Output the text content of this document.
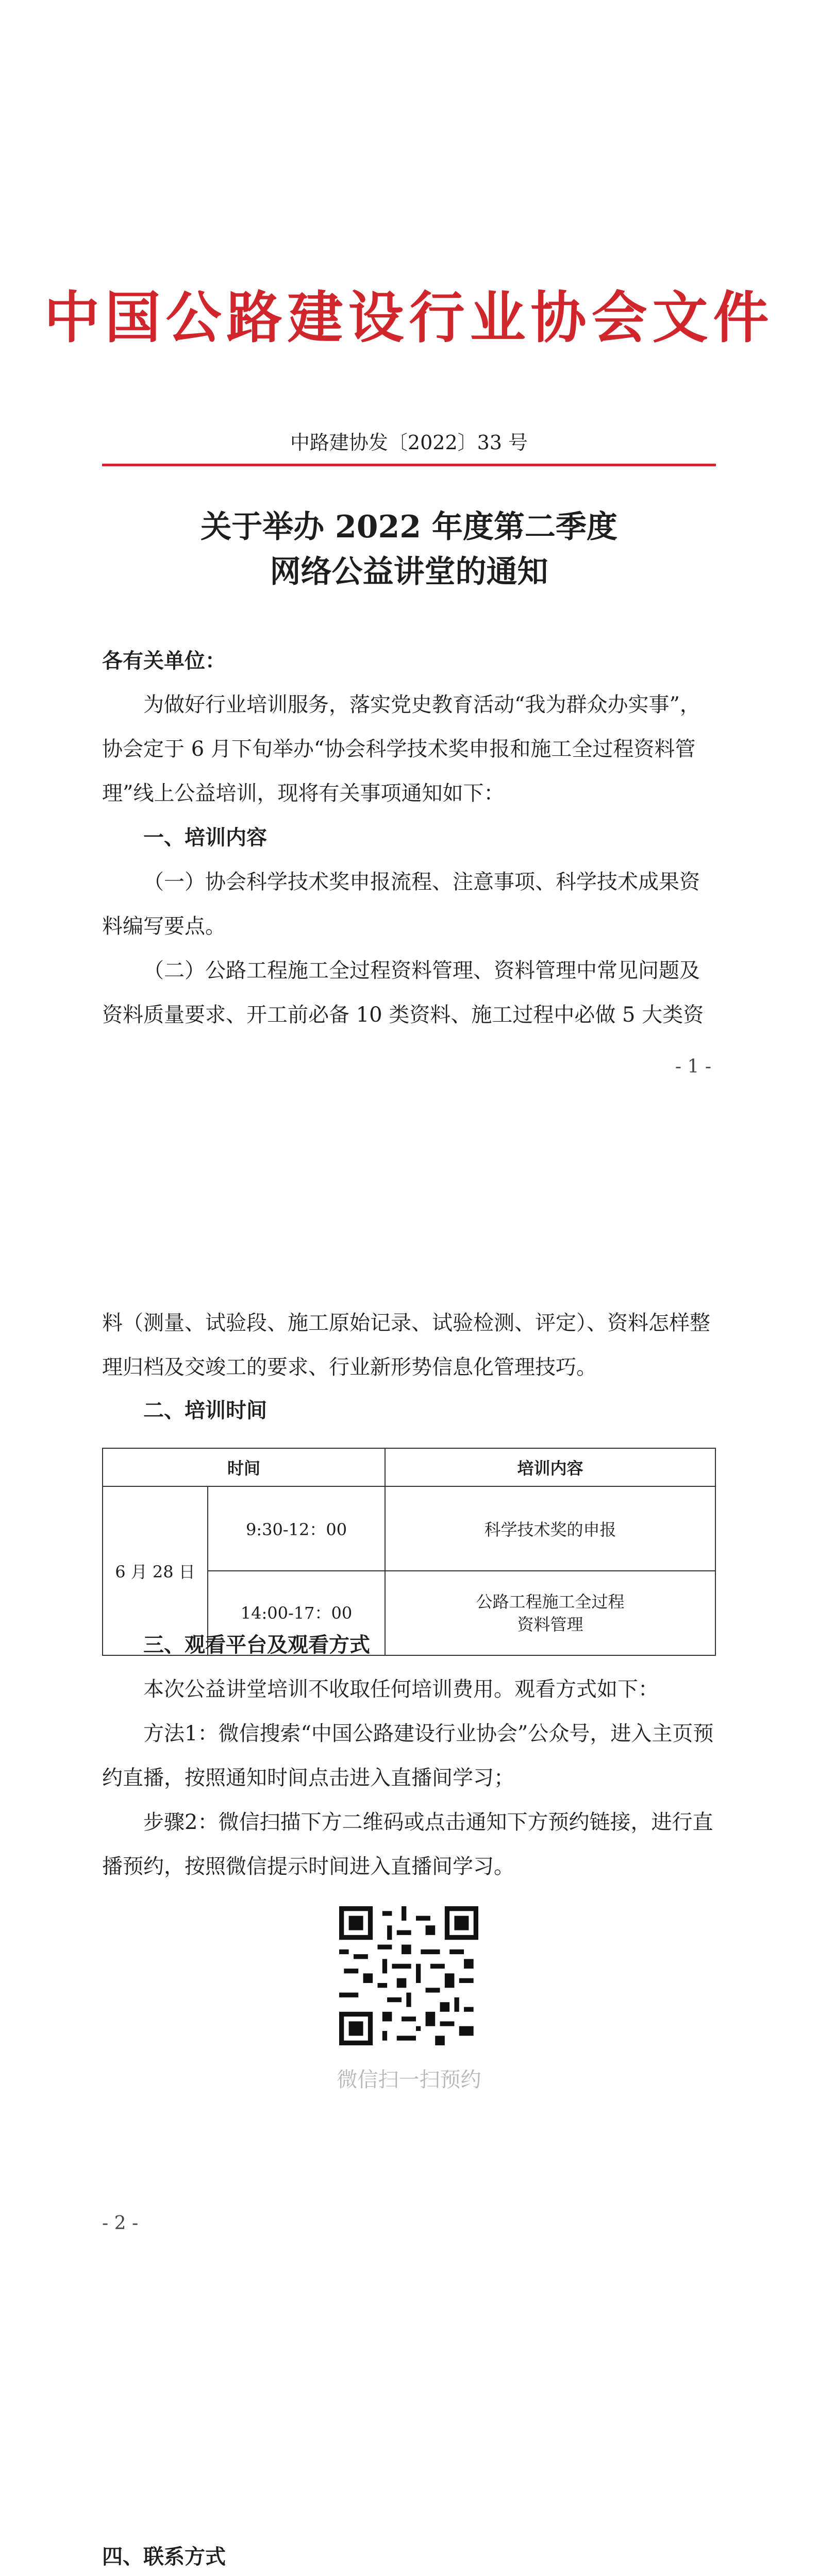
中国公路建设行业协会文件
中路建协发〔2022〕33 号
关于举办 2022 年度第二季度
网络公益讲堂的通知
各有关单位：
为做好行业培训服务，落实党史教育活动“我为群众办实事”，协会定于 6 月下旬举办“协会科学技术奖申报和施工全过程资料管理”线上公益培训，现将有关事项通知如下：
一、培训内容
（一）协会科学技术奖申报流程、注意事项、科学技术成果资料编写要点。
（二）公路工程施工全过程资料管理、资料管理中常见问题及资料质量要求、开工前必备 10 类资料、施工过程中必做 5 大类资
- 1 -
料（测量、试验段、施工原始记录、试验检测、评定）、资料怎样整理归档及交竣工的要求、行业新形势信息化管理技巧。
二、培训时间
时间		培训内容
6 月 28 日	9:30-12：00	科学技术奖的申报
	14:00-17：00	公路工程施工全过程
资料管理
三、观看平台及观看方式
本次公益讲堂培训不收取任何培训费用。观看方式如下：
方法1：微信搜索“中国公路建设行业协会”公众号，进入主页预约直播，按照通知时间点击进入直播间学习；
步骤2：微信扫描下方二维码或点击通知下方预约链接，进行直播预约，按照微信提示时间进入直播间学习。
微信扫一扫预约
- 2 -
四、联系方式
